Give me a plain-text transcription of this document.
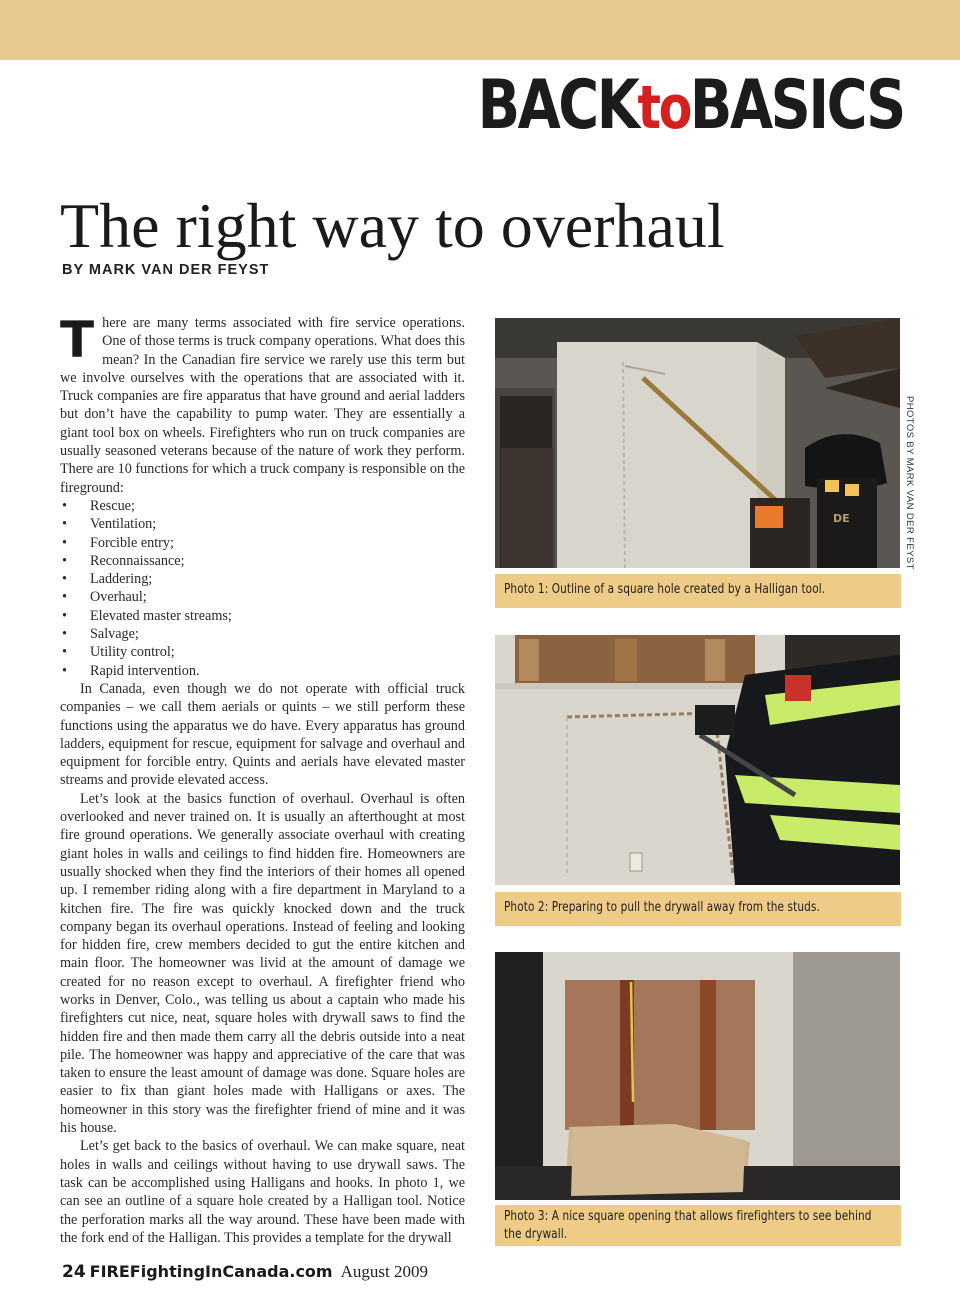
BACKtoBASICS
The right way to overhaul
BY MARK VAN DER FEYST

There are many terms associated with fire service operations. One of those terms is truck company operations. What does this mean? In the Canadian fire service we rarely use this term but we involve ourselves with the operations that are associated with it. Truck companies are fire apparatus that have ground and aerial ladders but don’t have the capability to pump water. They are essentially a giant tool box on wheels. Firefighters who run on truck companies are usually seasoned veterans because of the nature of work they perform. There are 10 functions for which a truck company is responsible on the fireground:

• Rescue;
• Ventilation;
• Forcible entry;
• Reconnaissance;
• Laddering;
• Overhaul;
• Elevated master streams;
• Salvage;
• Utility control;
• Rapid intervention.

In Canada, even though we do not operate with official truck companies – we call them aerials or quints – we still perform these functions using the apparatus we do have. Every apparatus has ground ladders, equipment for rescue, equipment for salvage and overhaul and equipment for forcible entry. Quints and aerials have elevated master streams and provide elevated access.

Let’s look at the basics function of overhaul. Overhaul is often overlooked and never trained on. It is usually an afterthought at most fire ground operations. We generally associate overhaul with creating giant holes in walls and ceilings to find hidden fire. Homeowners are usually shocked when they find the interiors of their homes all opened up. I remember riding along with a fire department in Maryland to a kitchen fire. The fire was quickly knocked down and the truck company began its overhaul operations. Instead of feeling and looking for hidden fire, crew members decided to gut the entire kitchen and main floor. The homeowner was livid at the amount of damage we created for no reason except to overhaul. A firefighter friend who works in Denver, Colo., was telling us about a captain who made his firefighters cut nice, neat, square holes with drywall saws to find the hidden fire and then made them carry all the debris outside into a neat pile. The homeowner was happy and appreciative of the care that was taken to ensure the least amount of damage was done. Square holes are easier to fix than giant holes made with Halligans or axes. The homeowner in this story was the firefighter friend of mine and it was his house.

Let’s get back to the basics of overhaul. We can make square, neat holes in walls and ceilings without having to use drywall saws. The task can be accomplished using Halligans and hooks. In photo 1, we can see an outline of a square hole created by a Halligan tool. Notice the perforation marks all the way around. These have been made with the fork end of the Halligan. This provides a template for the drywall

DE
Photo 1: Outline of a square hole created by a Halligan tool.
Photo 2: Preparing to pull the drywall away from the studs.
Photo 3: A nice square opening that allows firefighters to see behind the drywall.
PHOTOS BY MARK VAN DER FEYST
24 FIREFightingInCanada.com August 2009
